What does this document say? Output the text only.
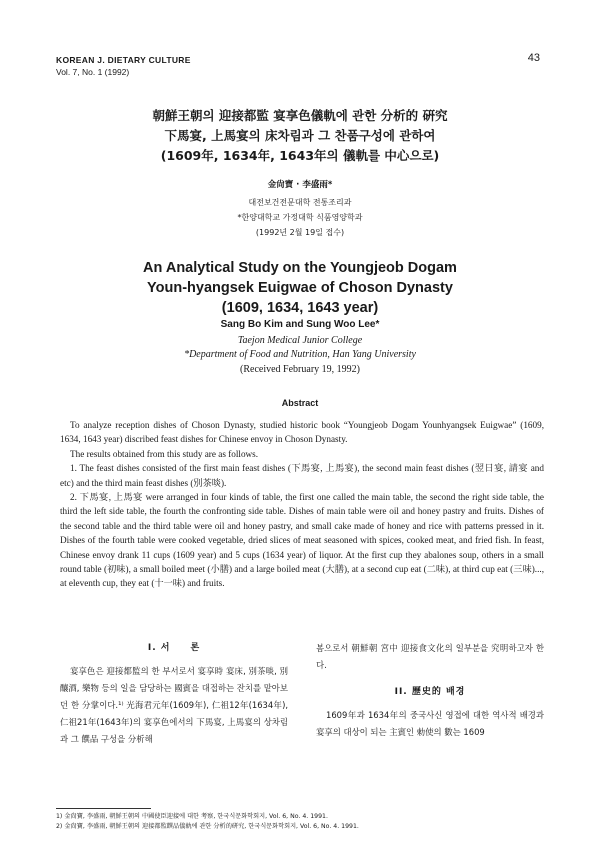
KOREAN J. DIETARY CULTURE
Vol. 7, No. 1 (1992)
43
朝鮮王朝의 迎接都監 宴享色儀軌에 관한 分析的 硏究
下馬宴, 上馬宴의 床차림과 그 찬품구성에 관하여
(1609年, 1634年, 1643年의 儀軌를 中心으로)
金尙寶 · 李盛雨*
대전보건전문대학 전통조리과
*한양대학교 가정대학 식품영양학과
(1992년 2월 19일 접수)
An Analytical Study on the Youngjeob Dogam
Youn-hyangsek Euigwae of Choson Dynasty
(1609, 1634, 1643 year)
Sang Bo Kim and Sung Woo Lee*
Taejon Medical Junior College
*Department of Food and Nutrition, Han Yang University
(Received February 19, 1992)
Abstract

To analyze reception dishes of Choson Dynasty, studied historic book “Youngjeob Dogam Younhyangsek Euigwae” (1609, 1634, 1643 year) discribed feast dishes for Chinese envoy in Choson Dynasty.

The results obtained from this study are as follows.

1. The feast dishes consisted of the first main feast dishes (下馬宴, 上馬宴), the second main feast dishes (翌日宴, 請宴 and etc) and the third main feast dishes (別茶啖).

2. 下馬宴, 上馬宴 were arranged in four kinds of table, the first one called the main table, the second the right side table, the third the left side table, the fourth the confronting side table. Dishes of main table were oil and honey pastry and fruits. Dishes of the second table and the third table were oil and honey pastry, and small cake made of honey and rice with patterns pressed in it. Dishes of the fourth table were cooked vegetable, dried slices of meat seasoned with spices, cooked meat, and fried fish. In feast, Chinese envoy drank 11 cups (1609 year) and 5 cups (1634 year) of liquor. At the first cup they abalones soup, others in a small round table (初味), a small boiled meet (小膳) and a large boiled meat (大膳), at a second cup eat (二味), at third cup eat (三味)..., at eleventh cup, they eat (十一味) and fruits.

I. 서　　론

宴享色은 迎接都監의 한 부서로서 宴享時 宴床, 別茶啖, 別釀酒, 樂物 등의 일을 담당하는 國賓을 대접하는 잔치를 맡아보던 한 分掌이다.¹⁾ 光海君元年(1609年), 仁祖12年(1634年), 仁祖21年(1643年)의 宴享色에서의 下馬宴, 上馬宴의 상차림과 그 饌品 구성을 分析해

봄으로서 朝鮮朝 宮中 迎接食文化의 일부분을 究明하고자 한다.

II. 歷史的 배경

1609年과 1634年의 중국사신 영접에 대한 역사적 배경과 宴享의 대상이 되는 主賓인 勅使의 數는 1609

1) 金尙寶, 李盛雨, 朝鮮王朝의 中國使臣迎接에 대한 考察, 한국식문화학회지, Vol. 6, No. 4. 1991.
2) 金尙寶, 李盛雨, 朝鮮王朝의 迎接都監饌品儀軌에 관한 分析的硏究, 한국식문화학회지, Vol. 6, No. 4. 1991.
